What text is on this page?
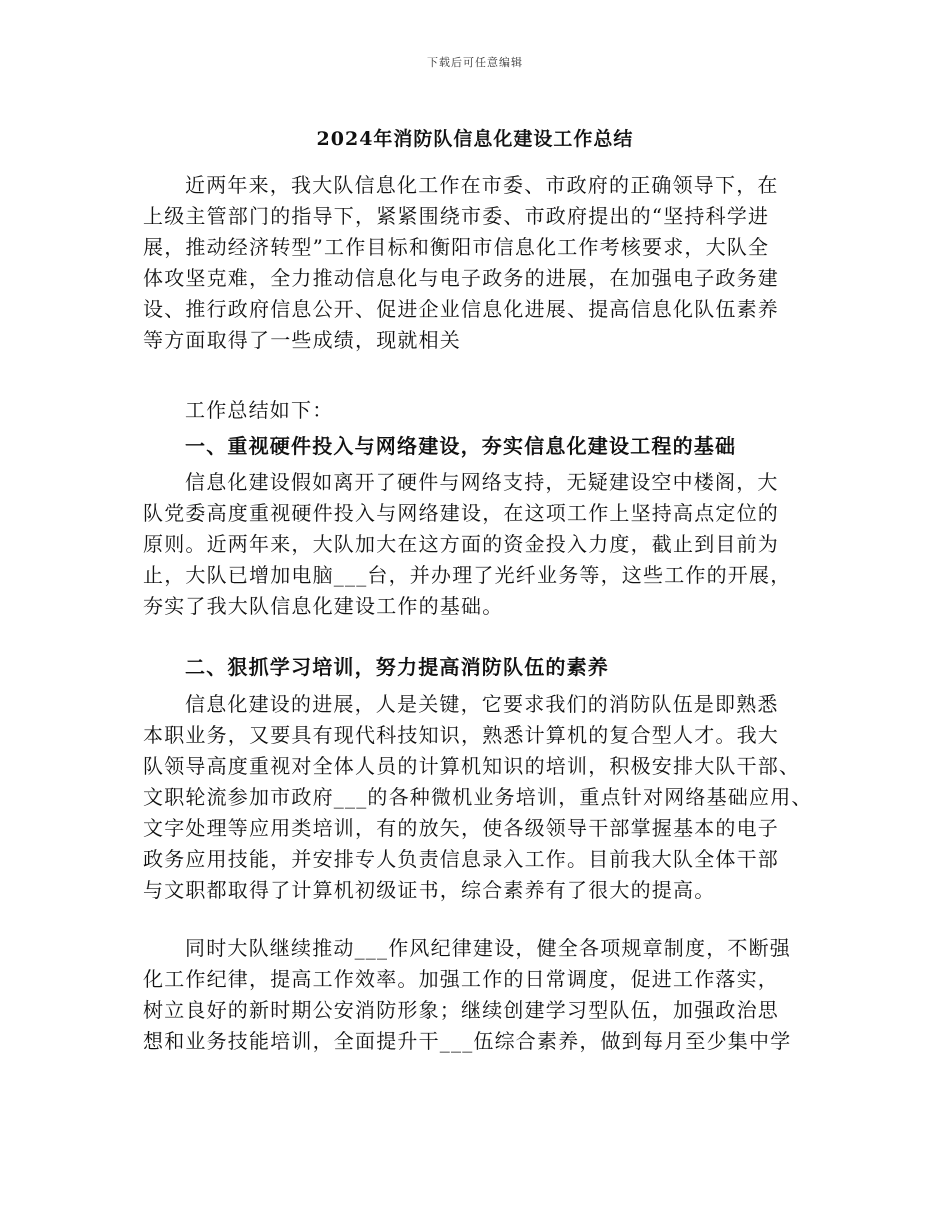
下载后可任意编辑
2024年消防队信息化建设工作总结
近两年来，我大队信息化工作在市委、市政府的正确领导下，在
上级主管部门的指导下，紧紧围绕市委、市政府提出的“坚持科学进
展，推动经济转型”工作目标和衡阳市信息化工作考核要求，大队全
体攻坚克难，全力推动信息化与电子政务的进展，在加强电子政务建
设、推行政府信息公开、促进企业信息化进展、提高信息化队伍素养
等方面取得了一些成绩，现就相关
工作总结如下：
一、重视硬件投入与网络建设，夯实信息化建设工程的基础
信息化建设假如离开了硬件与网络支持，无疑建设空中楼阁，大
队党委高度重视硬件投入与网络建设，在这项工作上坚持高点定位的
原则。近两年来，大队加大在这方面的资金投入力度，截止到目前为
止，大队已增加电脑___台，并办理了光纤业务等，这些工作的开展，
夯实了我大队信息化建设工作的基础。
二、狠抓学习培训，努力提高消防队伍的素养
信息化建设的进展，人是关键，它要求我们的消防队伍是即熟悉
本职业务，又要具有现代科技知识，熟悉计算机的复合型人才。我大
队领导高度重视对全体人员的计算机知识的培训，积极安排大队干部、
文职轮流参加市政府___的各种微机业务培训，重点针对网络基础应用、
文字处理等应用类培训，有的放矢，使各级领导干部掌握基本的电子
政务应用技能，并安排专人负责信息录入工作。目前我大队全体干部
与文职都取得了计算机初级证书，综合素养有了很大的提高。
同时大队继续推动___作风纪律建设，健全各项规章制度，不断强
化工作纪律，提高工作效率。加强工作的日常调度，促进工作落实，
树立良好的新时期公安消防形象；继续创建学习型队伍，加强政治思
想和业务技能培训，全面提升干___伍综合素养，做到每月至少集中学
